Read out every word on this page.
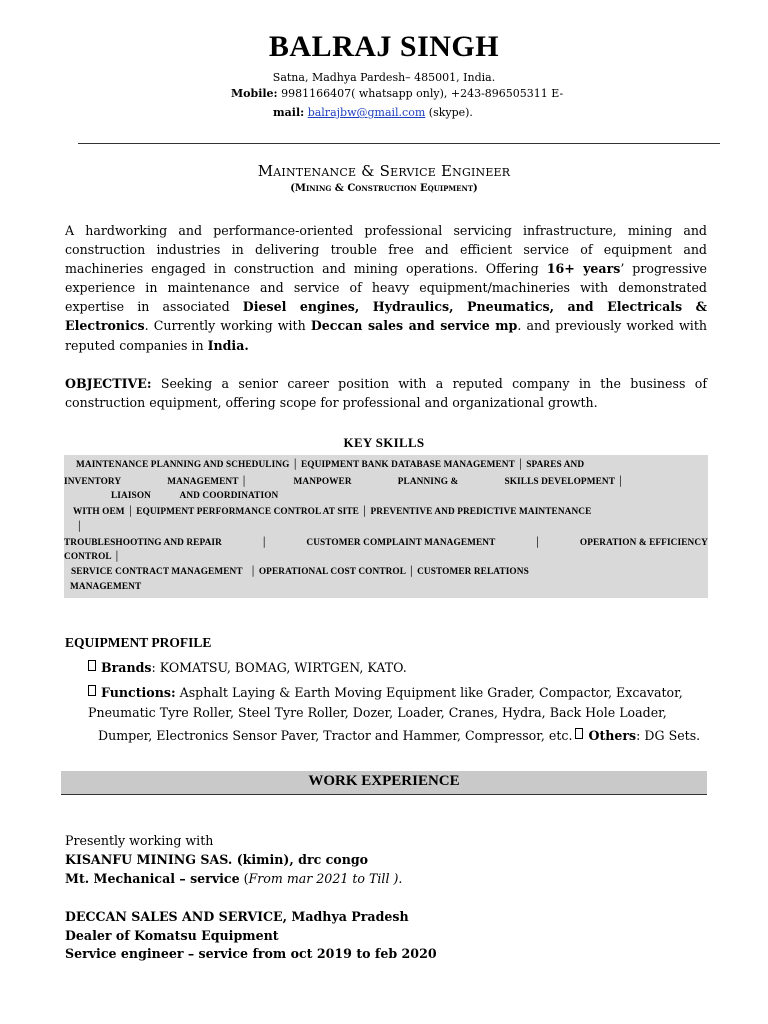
BALRAJ SINGH
Satna, Madhya Pardesh– 485001, India.
Mobile: 9981166407( whatsapp only), +243-896505311 E-
mail: balrajbw@gmail.com (skype).
Maintenance & Service Engineer
(Mining & Construction Equipment)
A hardworking and performance-oriented professional servicing infrastructure, mining and construction industries in delivering trouble free and efficient service of equipment and machineries engaged in construction and mining operations. Offering 16+ years’ progressive experience in maintenance and service of heavy equipment/machineries with demonstrated expertise in associated Diesel engines, Hydraulics, Pneumatics, and Electricals & Electronics. Currently working with Deccan sales and service mp. and previously worked with reputed companies in India.
OBJECTIVE: Seeking a senior career position with a reputed company in the business of construction equipment, offering scope for professional and organizational growth.
KEY SKILLS
MAINTENANCE PLANNING AND SCHEDULING │ EQUIPMENT BANK DATABASE MANAGEMENT │ SPARES AND
INVENTORY	MANAGEMENT │	MANPOWER	PLANNING &	SKILLS DEVELOPMENT │
LIAISON            AND COORDINATION
WITH OEM │ EQUIPMENT PERFORMANCE CONTROL AT SITE │ PREVENTIVE AND PREDICTIVE MAINTENANCE
│
TROUBLESHOOTING AND REPAIR	│	CUSTOMER COMPLAINT MANAGEMENT	│	OPERATION & EFFICIENCY
CONTROL │
SERVICE CONTRACT MANAGEMENT   │ OPERATIONAL COST CONTROL │ CUSTOMER RELATIONS
MANAGEMENT
EQUIPMENT PROFILE
Brands: KOMATSU, BOMAG, WIRTGEN, KATO.
Functions: Asphalt Laying & Earth Moving Equipment like Grader, Compactor, Excavator,
Pneumatic Tyre Roller, Steel Tyre Roller, Dozer, Loader, Cranes, Hydra, Back Hole Loader,
Dumper, Electronics Sensor Paver, Tractor and Hammer, Compressor, etc. Others: DG Sets.
WORK EXPERIENCE
Presently working with
KISANFU MINING SAS. (kimin), drc congo
Mt. Mechanical – service (From mar 2021 to Till ).
DECCAN SALES AND SERVICE, Madhya Pradesh
Dealer of Komatsu Equipment
Service engineer – service from oct 2019 to feb 2020
